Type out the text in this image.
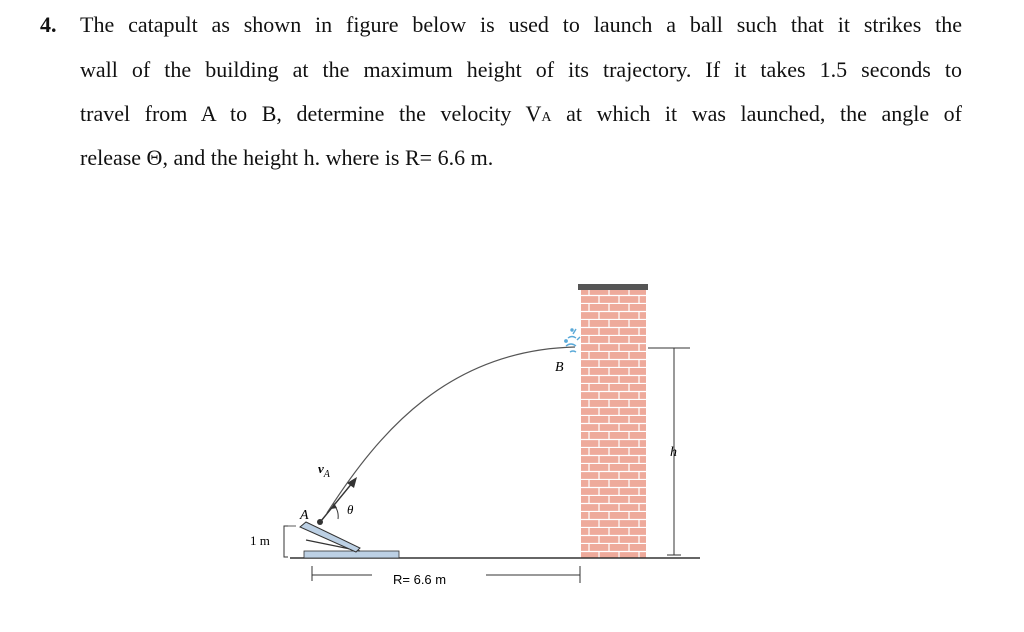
4. The catapult as shown in figure below is used to launch a ball such that it strikes the
wall of the building at the maximum height of its trajectory. If it takes 1.5 seconds to
travel from A to B, determine the velocity VA at which it was launched, the angle of
release Θ, and the height h. where is R= 6.6 m.
h
B
A
$v_A$
θ
1 m
R= 6.6 m
